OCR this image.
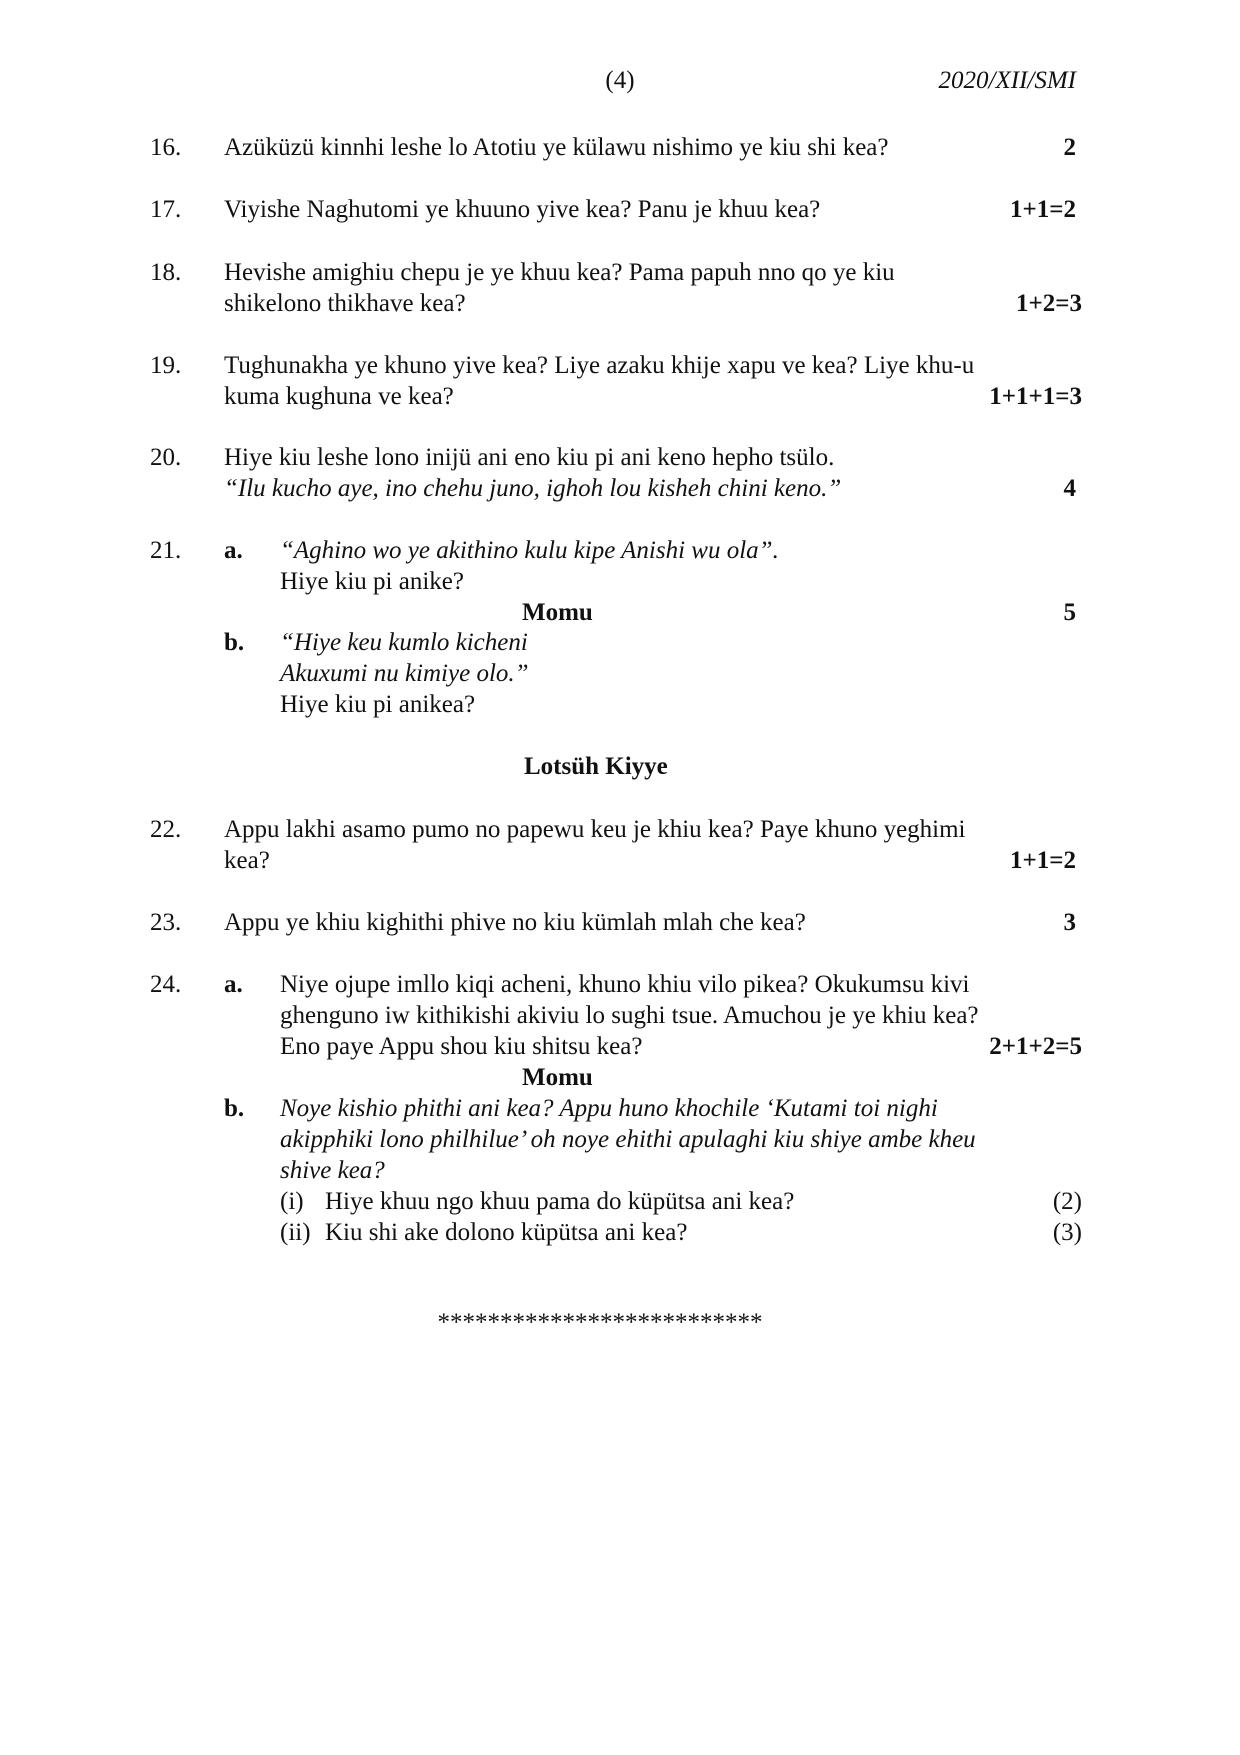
(4)	2020/XII/SMI
16. Azüküzü kinnhi leshe lo Atotiu ye külawu nishimo ye kiu shi kea?	2
17. Viyishe Naghutomi ye khuuno yive kea? Panu je khuu kea?	1+1=2
18. Hevishe amighiu chepu je ye khuu kea? Pama papuh nno qo ye kiu
shikelono thikhave kea?	1+2=3
19. Tughunakha ye khuno yive kea? Liye azaku khije xapu ve kea? Liye khu-u
kuma kughuna ve kea?	1+1+1=3
20. Hiye kiu leshe lono inijü ani eno kiu pi ani keno hepho tsülo.
“Ilu kucho aye, ino chehu juno, ighoh lou kisheh chini keno.”	4
21. a. “Aghino wo ye akithino kulu kipe Anishi wu ola”.
Hiye kiu pi anike?
Momu	5
b. “Hiye keu kumlo kicheni
Akuxumi nu kimiye olo.”
Hiye kiu pi anikea?
Lotsüh Kiyye
22. Appu lakhi asamo pumo no papewu keu je khiu kea? Paye khuno yeghimi
kea?	1+1=2
23. Appu ye khiu kighithi phive no kiu kümlah mlah che kea?	3
24. a. Niye ojupe imllo kiqi acheni, khuno khiu vilo pikea? Okukumsu kivi
ghenguno iw kithikishi akiviu lo sughi tsue. Amuchou je ye khiu kea?
Eno paye Appu shou kiu shitsu kea?	2+1+2=5
Momu
b. Noye kishio phithi ani kea? Appu huno khochile ‘Kutami toi nighi
akipphiki lono philhilue’ oh noye ehithi apulaghi kiu shiye ambe kheu
shive kea?
(i) Hiye khuu ngo khuu pama do küpütsa ani kea?	(2)
(ii) Kiu shi ake dolono küpütsa ani kea?	(3)
**************************
